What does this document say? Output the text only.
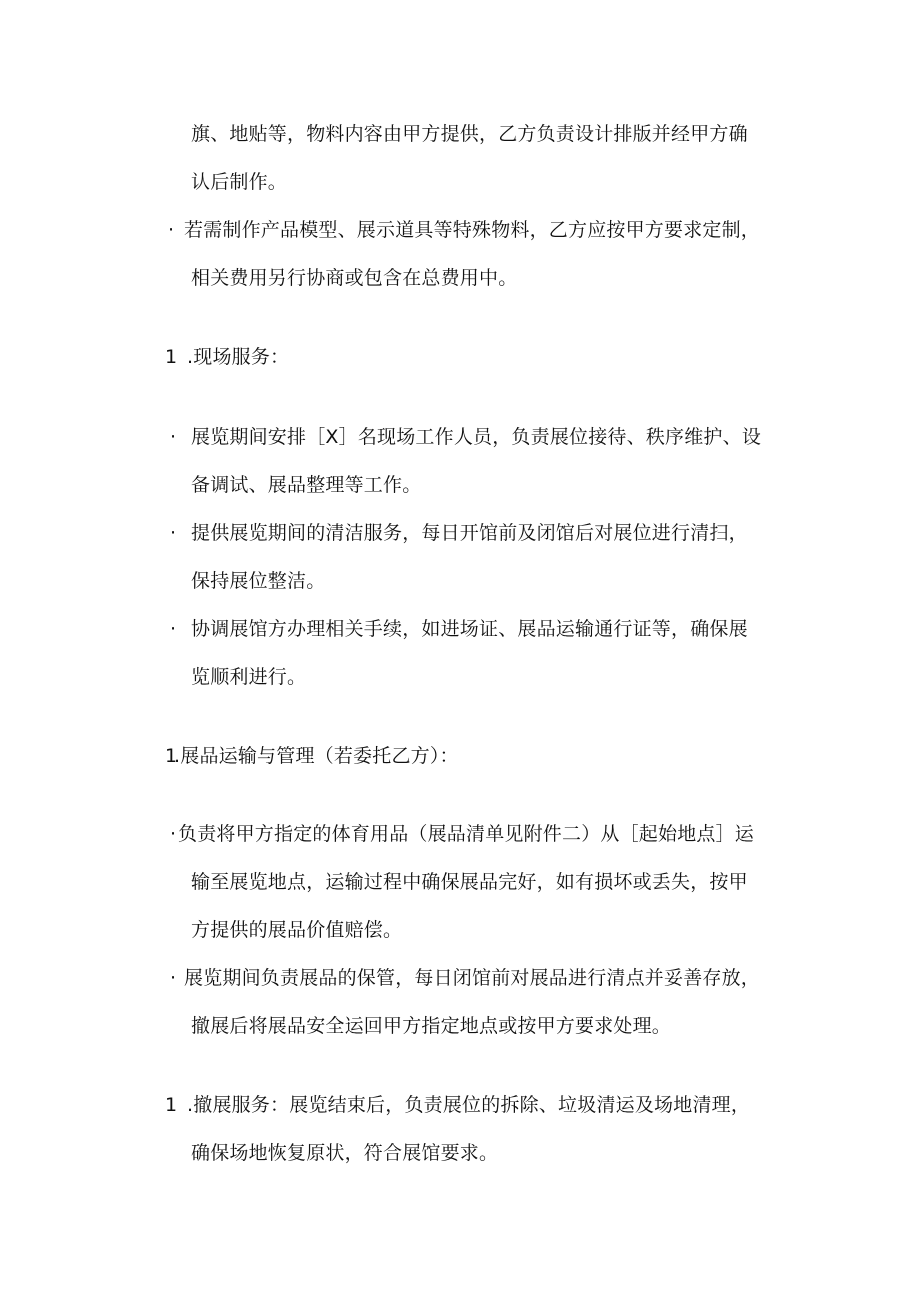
旗、地贴等，物料内容由甲方提供，乙方负责设计排版并经甲方确
认后制作。
· 若需制作产品模型、展示道具等特殊物料，乙方应按甲方要求定制，
相关费用另行协商或包含在总费用中。
1 .现场服务：
· 展览期间安排［X］名现场工作人员，负责展位接待、秩序维护、设
备调试、展品整理等工作。
· 提供展览期间的清洁服务，每日开馆前及闭馆后对展位进行清扫，
保持展位整洁。
· 协调展馆方办理相关手续，如进场证、展品运输通行证等，确保展
览顺利进行。
1
.展品运输与管理（若委托乙方）：
· 负责将甲方指定的体育用品（展品清单见附件二）从［起始地点］运
输至展览地点，运输过程中确保展品完好，如有损坏或丢失，按甲
方提供的展品价值赔偿。
· 展览期间负责展品的保管，每日闭馆前对展品进行清点并妥善存放，
撤展后将展品安全运回甲方指定地点或按甲方要求处理。
1 .撤展服务：展览结束后，负责展位的拆除、垃圾清运及场地清理，
确保场地恢复原状，符合展馆要求。
